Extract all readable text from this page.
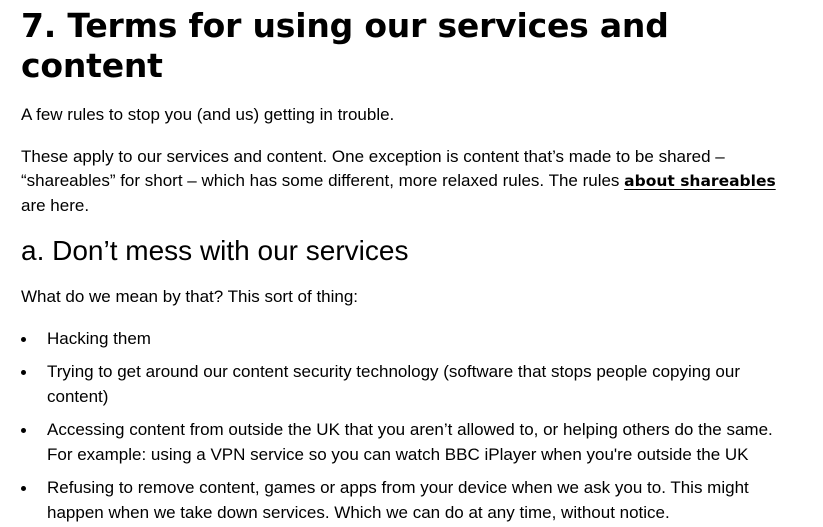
7. Terms for using our services and content

A few rules to stop you (and us) getting in trouble.

These apply to our services and content. One exception is content that’s made to be shared – “shareables” for short – which has some different, more relaxed rules. The rules about shareables are here.

a. Don’t mess with our services

What do we mean by that? This sort of thing:

Hacking them
Trying to get around our content security technology (software that stops people copying our content)
Accessing content from outside the UK that you aren’t allowed to, or helping others do the same. For example: using a VPN service so you can watch BBC iPlayer when you're outside the UK
Refusing to remove content, games or apps from your device when we ask you to. This might happen when we take down services. Which we can do at any time, without notice.
